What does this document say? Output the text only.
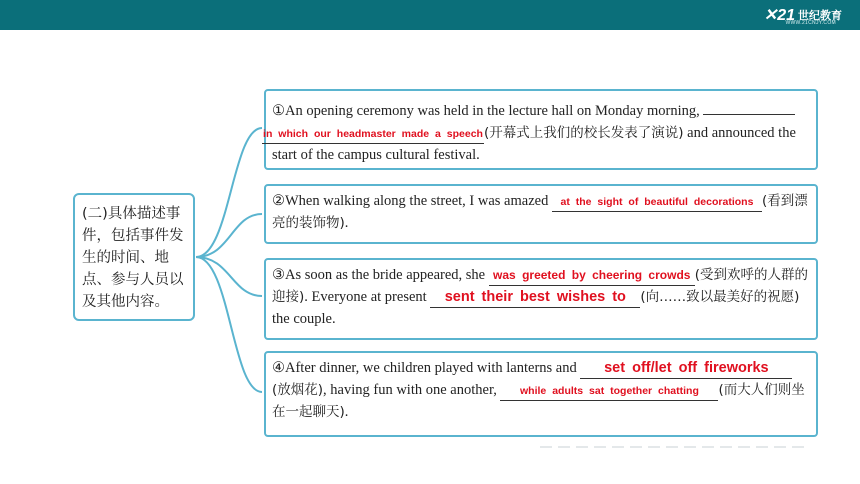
✕21 世纪教育
WWW.21CNJY.COM
(二)具体描述事件，包括事件发生的时间、地点、参与人员以及其他内容。
①An opening ceremony was held in the lecture hall on Monday morning,
in which our headmaster made a speech(开幕式上我们的校长发表了演说) and announced the start of the campus cultural festival.
②When walking along the street, I was amazed at the sight of beautiful decorations (看到漂亮的装饰物).
③As soon as the bride appeared, she was greeted by cheering crowds (受到欢呼的人群的迎接). Everyone at present sent their best wishes to (向……致以最美好的祝愿) the couple.
④After dinner, we children played with lanterns and set off/let off fireworks(放烟花), having fun with one another, while adults sat together chatting (而大人们则坐在一起聊天).
